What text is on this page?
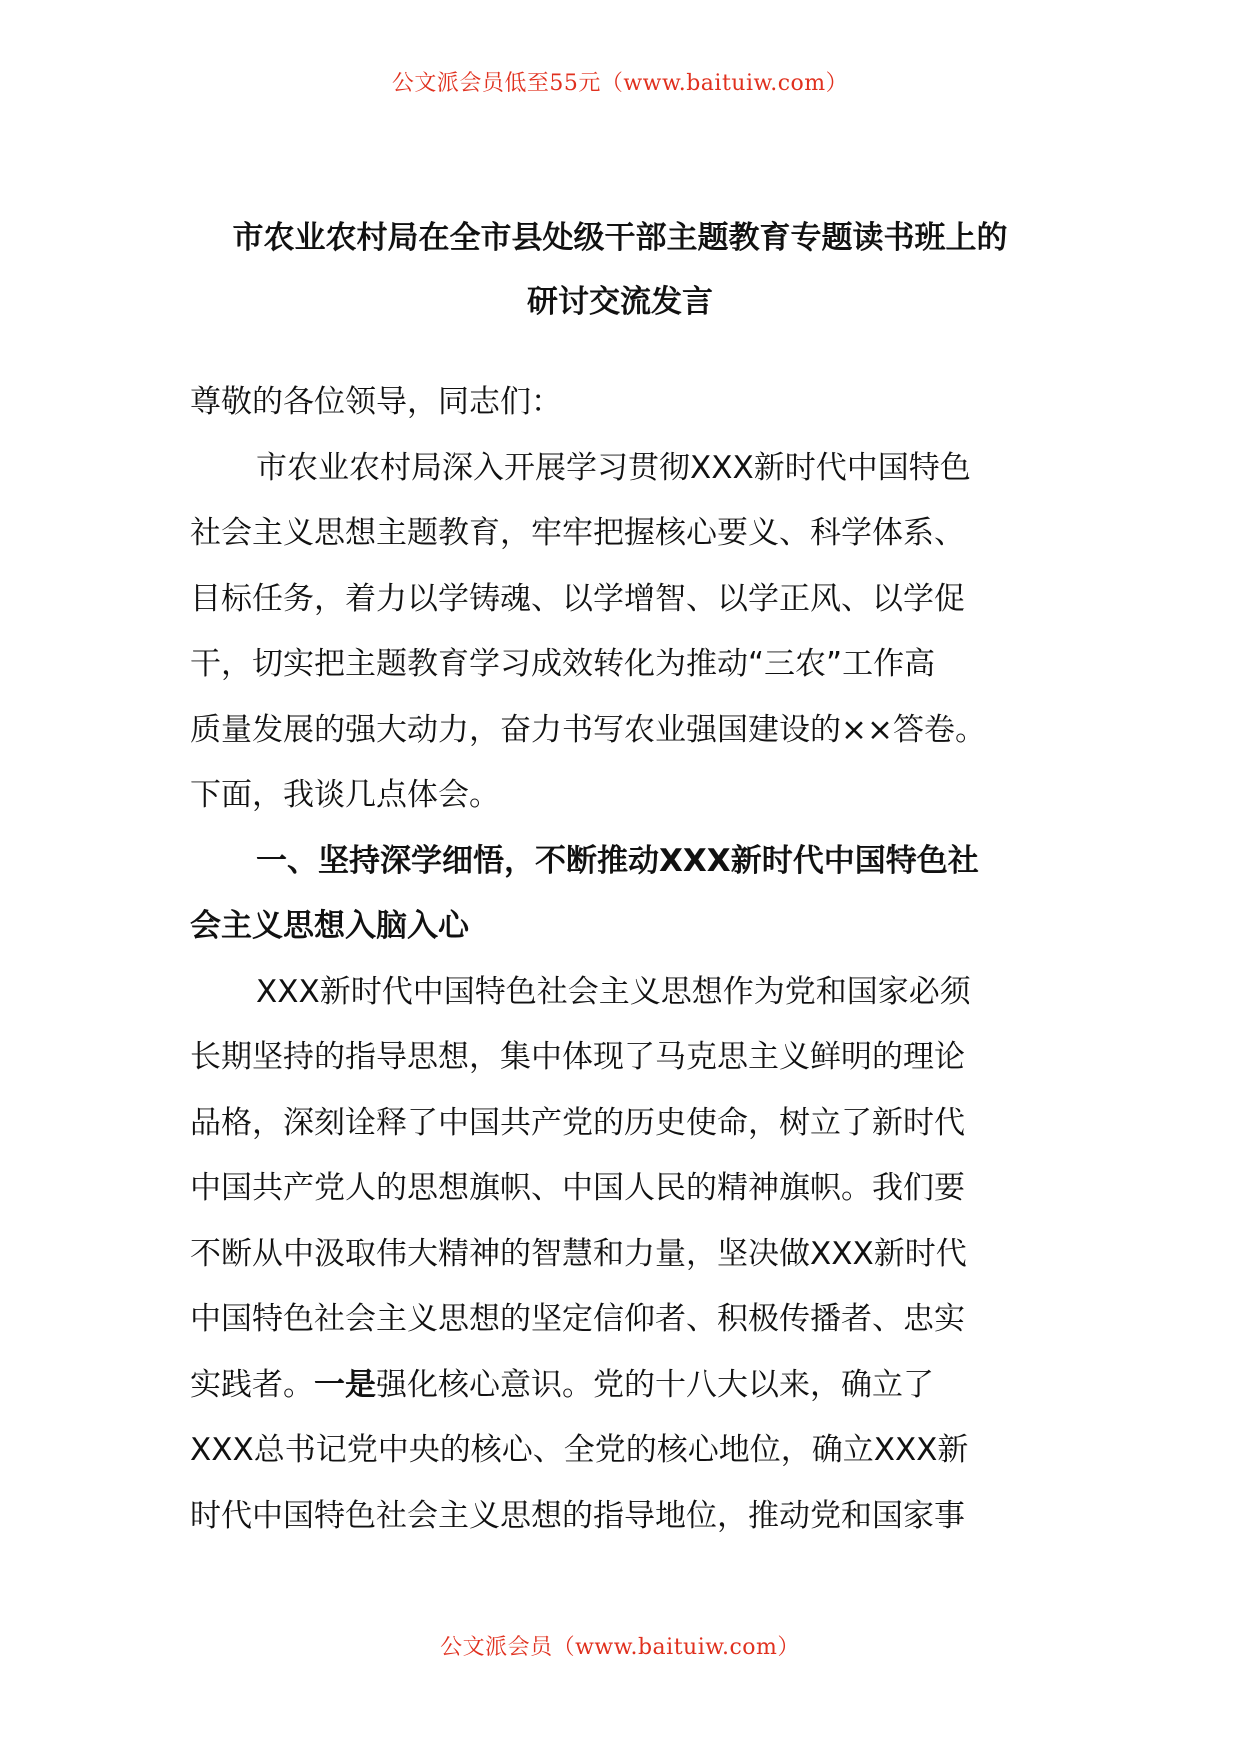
公文派会员低至55元（www.baituiw.com）
市农业农村局在全市县处级干部主题教育专题读书班上的
研讨交流发言
尊敬的各位领导，同志们：
市农业农村局深入开展学习贯彻XXX新时代中国特色
社会主义思想主题教育，牢牢把握核心要义、科学体系、
目标任务，着力以学铸魂、以学增智、以学正风、以学促
干，切实把主题教育学习成效转化为推动“三农”工作高
质量发展的强大动力，奋力书写农业强国建设的××答卷。
下面，我谈几点体会。
一、坚持深学细悟，不断推动XXX新时代中国特色社
会主义思想入脑入心
XXX新时代中国特色社会主义思想作为党和国家必须
长期坚持的指导思想，集中体现了马克思主义鲜明的理论
品格，深刻诠释了中国共产党的历史使命，树立了新时代
中国共产党人的思想旗帜、中国人民的精神旗帜。我们要
不断从中汲取伟大精神的智慧和力量，坚决做XXX新时代
中国特色社会主义思想的坚定信仰者、积极传播者、忠实
实践者。一是强化核心意识。党的十八大以来，确立了
XXX总书记党中央的核心、全党的核心地位，确立XXX新
时代中国特色社会主义思想的指导地位，推动党和国家事
公文派会员（www.baituiw.com）
